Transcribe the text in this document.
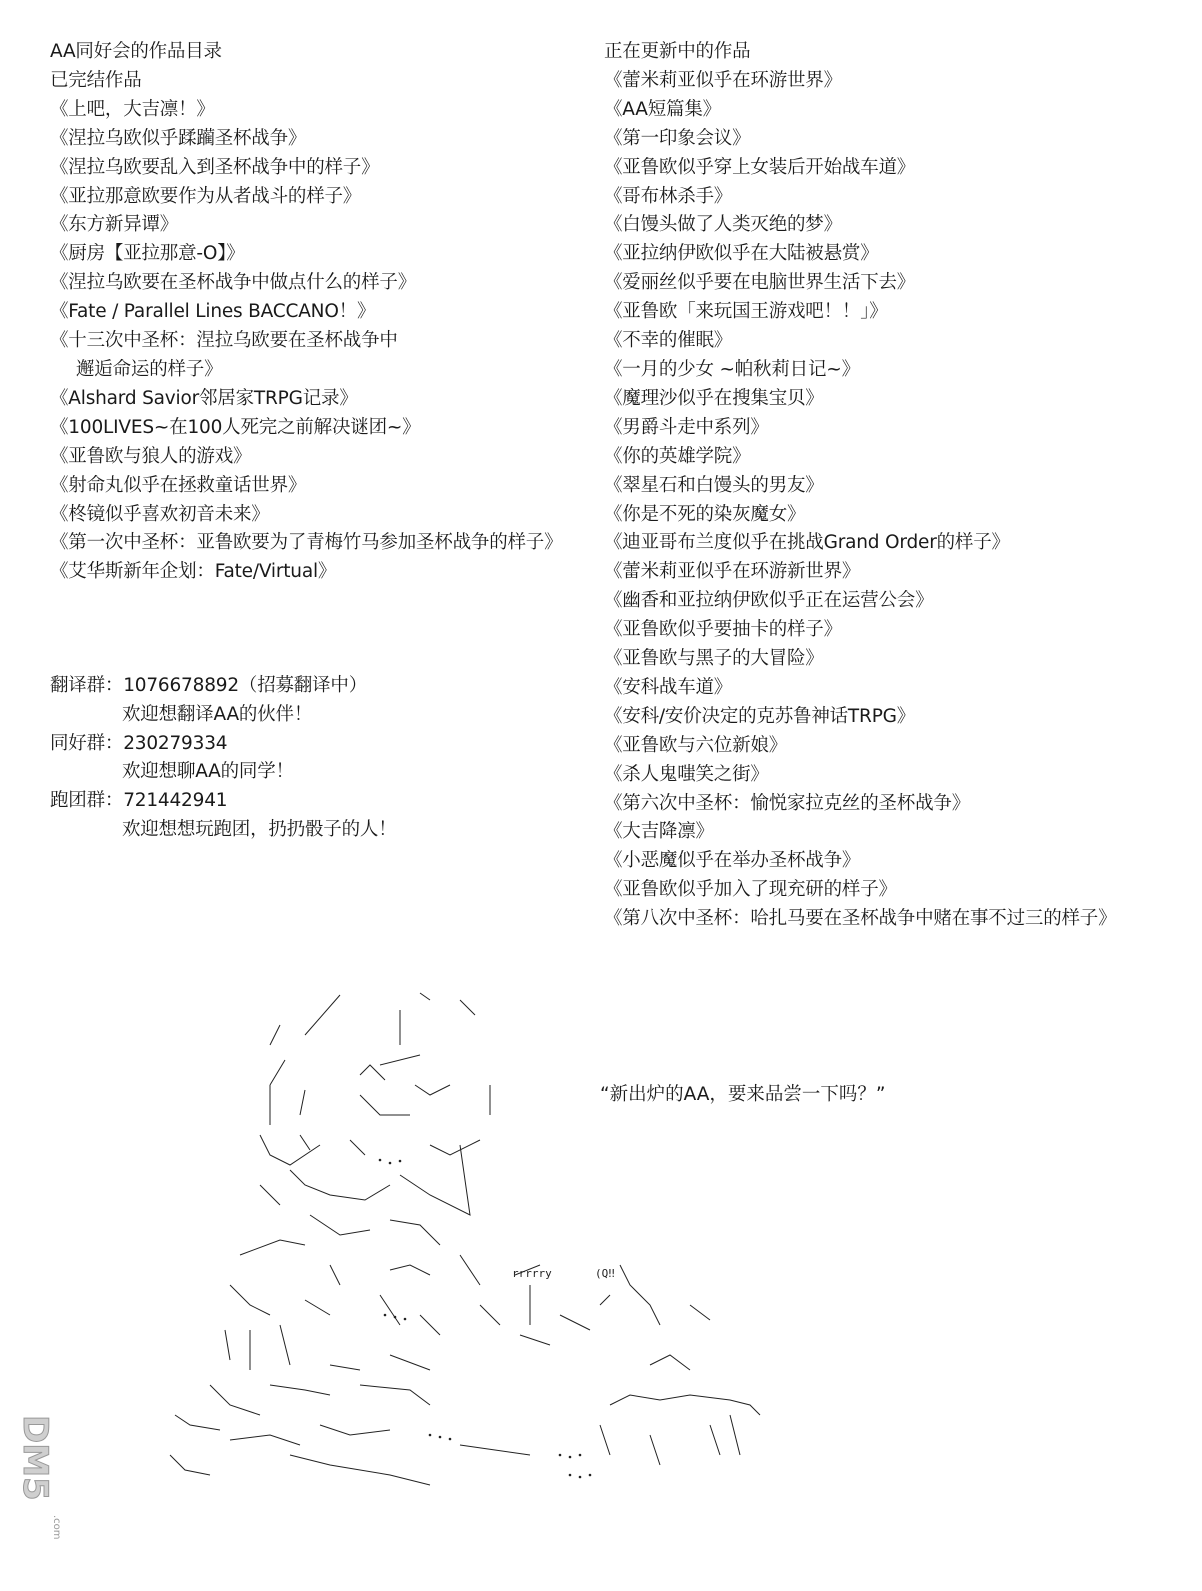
AA同好会的作品目录
已完结作品
《上吧，大吉凛！》
《涅拉乌欧似乎蹂躏圣杯战争》
《涅拉乌欧要乱入到圣杯战争中的样子》
《亚拉那意欧要作为从者战斗的样子》
《东方新异谭》
《厨房【亚拉那意-O】》
《涅拉乌欧要在圣杯战争中做点什么的样子》
《Fate / Parallel Lines BACCANO！》
《十三次中圣杯：涅拉乌欧要在圣杯战争中
邂逅命运的样子》
《Alshard Savior邻居家TRPG记录》
《100LIVES~在100人死完之前解决谜团~》
《亚鲁欧与狼人的游戏》
《射命丸似乎在拯救童话世界》
《柊镜似乎喜欢初音未来》
《第一次中圣杯：亚鲁欧要为了青梅竹马参加圣杯战争的样子》
《艾华斯新年企划：Fate/Virtual》
翻译群：1076678892（招募翻译中）
欢迎想翻译AA的伙伴！
同好群：230279334
欢迎想聊AA的同学！
跑团群：721442941
欢迎想想玩跑团，扔扔骰子的人！
正在更新中的作品
《蕾米莉亚似乎在环游世界》
《AA短篇集》
《第一印象会议》
《亚鲁欧似乎穿上女装后开始战车道》
《哥布林杀手》
《白馒头做了人类灭绝的梦》
《亚拉纳伊欧似乎在大陆被悬赏》
《爱丽丝似乎要在电脑世界生活下去》
《亚鲁欧「来玩国王游戏吧！！」》
《不幸的催眠》
《一月的少女 ~帕秋莉日记~》
《魔理沙似乎在搜集宝贝》
《男爵斗走中系列》
《你的英雄学院》
《翠星石和白馒头的男友》
《你是不死的染灰魔女》
《迪亚哥布兰度似乎在挑战Grand Order的样子》
《蕾米莉亚似乎在环游新世界》
《幽香和亚拉纳伊欧似乎正在运营公会》
《亚鲁欧似乎要抽卡的样子》
《亚鲁欧与黑子的大冒险》
《安科战车道》
《安科/安价决定的克苏鲁神话TRPG》
《亚鲁欧与六位新娘》
《杀人鬼嗤笑之街》
《第六次中圣杯：愉悦家拉克丝的圣杯战争》
《大吉降凛》
《小恶魔似乎在举办圣杯战争》
《亚鲁欧似乎加入了现充研的样子》
《第八次中圣杯：哈扎马要在圣杯战争中赌在事不过三的样子》
“新出炉的AA，要来品尝一下吗？”
rrrrry	(Q‼
DM5
.com
